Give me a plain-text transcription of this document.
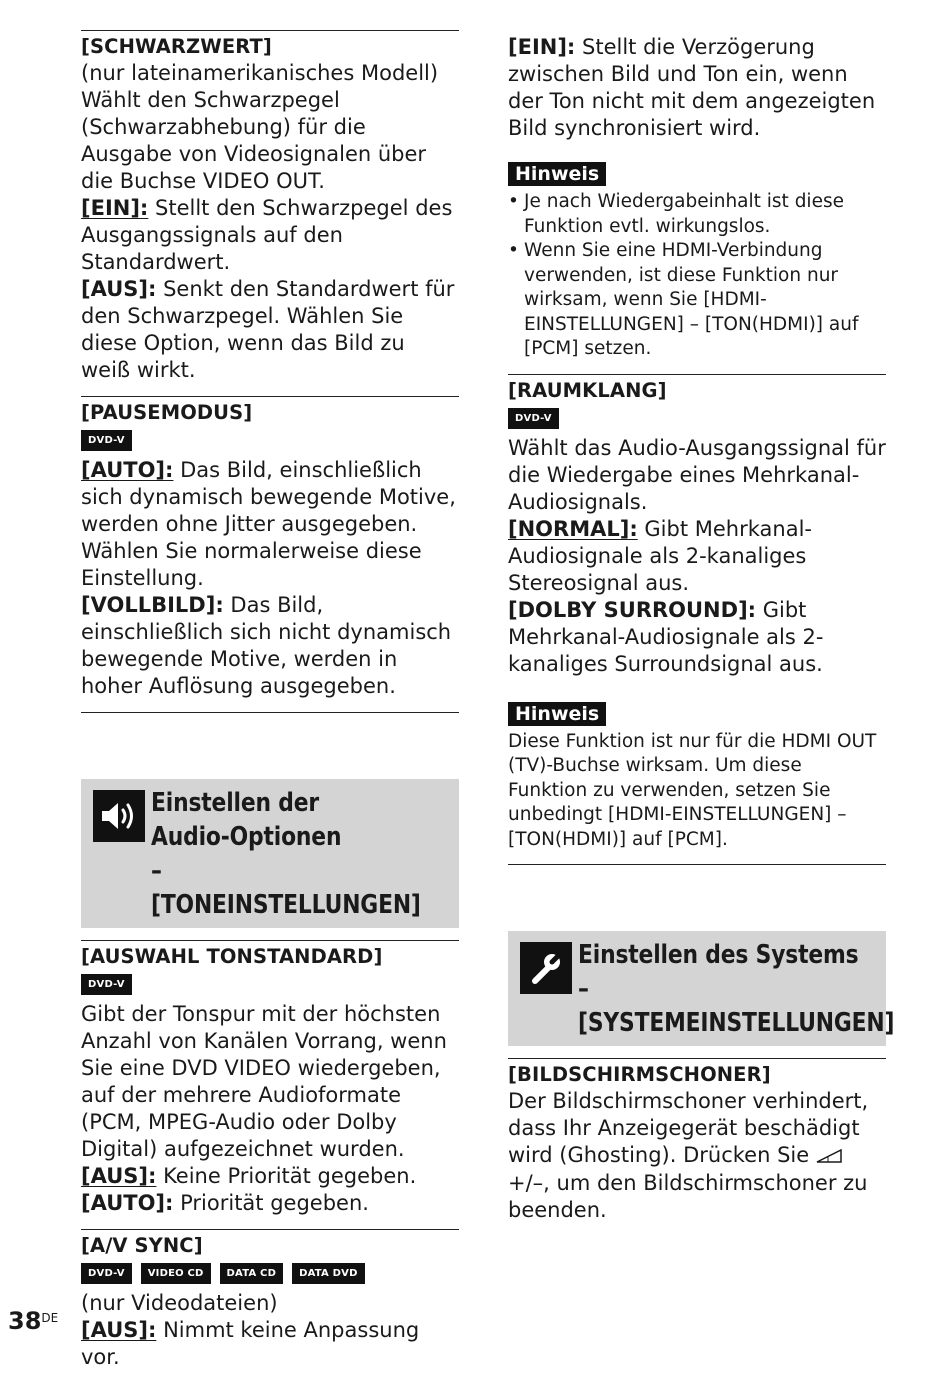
[SCHWARZWERT]
(nur lateinamerikanisches Modell) Wählt den Schwarzpegel (Schwarzabhebung) für die Ausgabe von Videosignalen über die Buchse VIDEO OUT.
[EIN]: Stellt den Schwarzpegel des Ausgangssignals auf den Standardwert.
[AUS]: Senkt den Standardwert für den Schwarzpegel. Wählen Sie diese Option, wenn das Bild zu weiß wirkt.
[PAUSEMODUS]
DVD-V
[AUTO]: Das Bild, einschließlich sich dynamisch bewegende Motive, werden ohne Jitter ausgegeben. Wählen Sie normalerweise diese Einstellung.
[VOLLBILD]: Das Bild, einschließlich sich nicht dynamisch bewegende Motive, werden in hoher Auflösung ausgegeben.
Einstellen der
Audio-Optionen
– [TONEINSTELLUNGEN]
[AUSWAHL TONSTANDARD]
DVD-V
Gibt der Tonspur mit der höchsten Anzahl von Kanälen Vorrang, wenn Sie eine DVD VIDEO wiedergeben, auf der mehrere Audioformate (PCM, MPEG-Audio oder Dolby Digital) aufgezeichnet wurden.
[AUS]: Keine Priorität gegeben.
[AUTO]: Priorität gegeben.
[A/V SYNC]
DVD-V	VIDEO CD	DATA CD	DATA DVD
(nur Videodateien)
[AUS]: Nimmt keine Anpassung vor.
[EIN]: Stellt die Verzögerung zwischen Bild und Ton ein, wenn der Ton nicht mit dem angezeigten Bild synchronisiert wird.
Hinweis
• Je nach Wiedergabeinhalt ist diese Funktion evtl. wirkungslos.
• Wenn Sie eine HDMI-Verbindung verwenden, ist diese Funktion nur wirksam, wenn Sie [HDMI-EINSTELLUNGEN] – [TON(HDMI)] auf [PCM] setzen.
[RAUMKLANG]
DVD-V
Wählt das Audio-Ausgangssignal für die Wiedergabe eines Mehrkanal-Audiosignals.
[NORMAL]: Gibt Mehrkanal-Audiosignale als 2-kanaliges Stereosignal aus.
[DOLBY SURROUND]: Gibt Mehrkanal-Audiosignale als 2-kanaliges Surroundsignal aus.
Hinweis
Diese Funktion ist nur für die HDMI OUT (TV)-Buchse wirksam. Um diese Funktion zu verwenden, setzen Sie unbedingt [HDMI-EINSTELLUNGEN] – [TON(HDMI)] auf [PCM].
Einstellen des Systems
– [SYSTEMEINSTELLUNGEN]
[BILDSCHIRMSCHONER]
Der Bildschirmschoner verhindert, dass Ihr Anzeigegerät beschädigt wird (Ghosting). Drücken Sie  +/–, um den Bildschirmschoner zu beenden.
38DE
